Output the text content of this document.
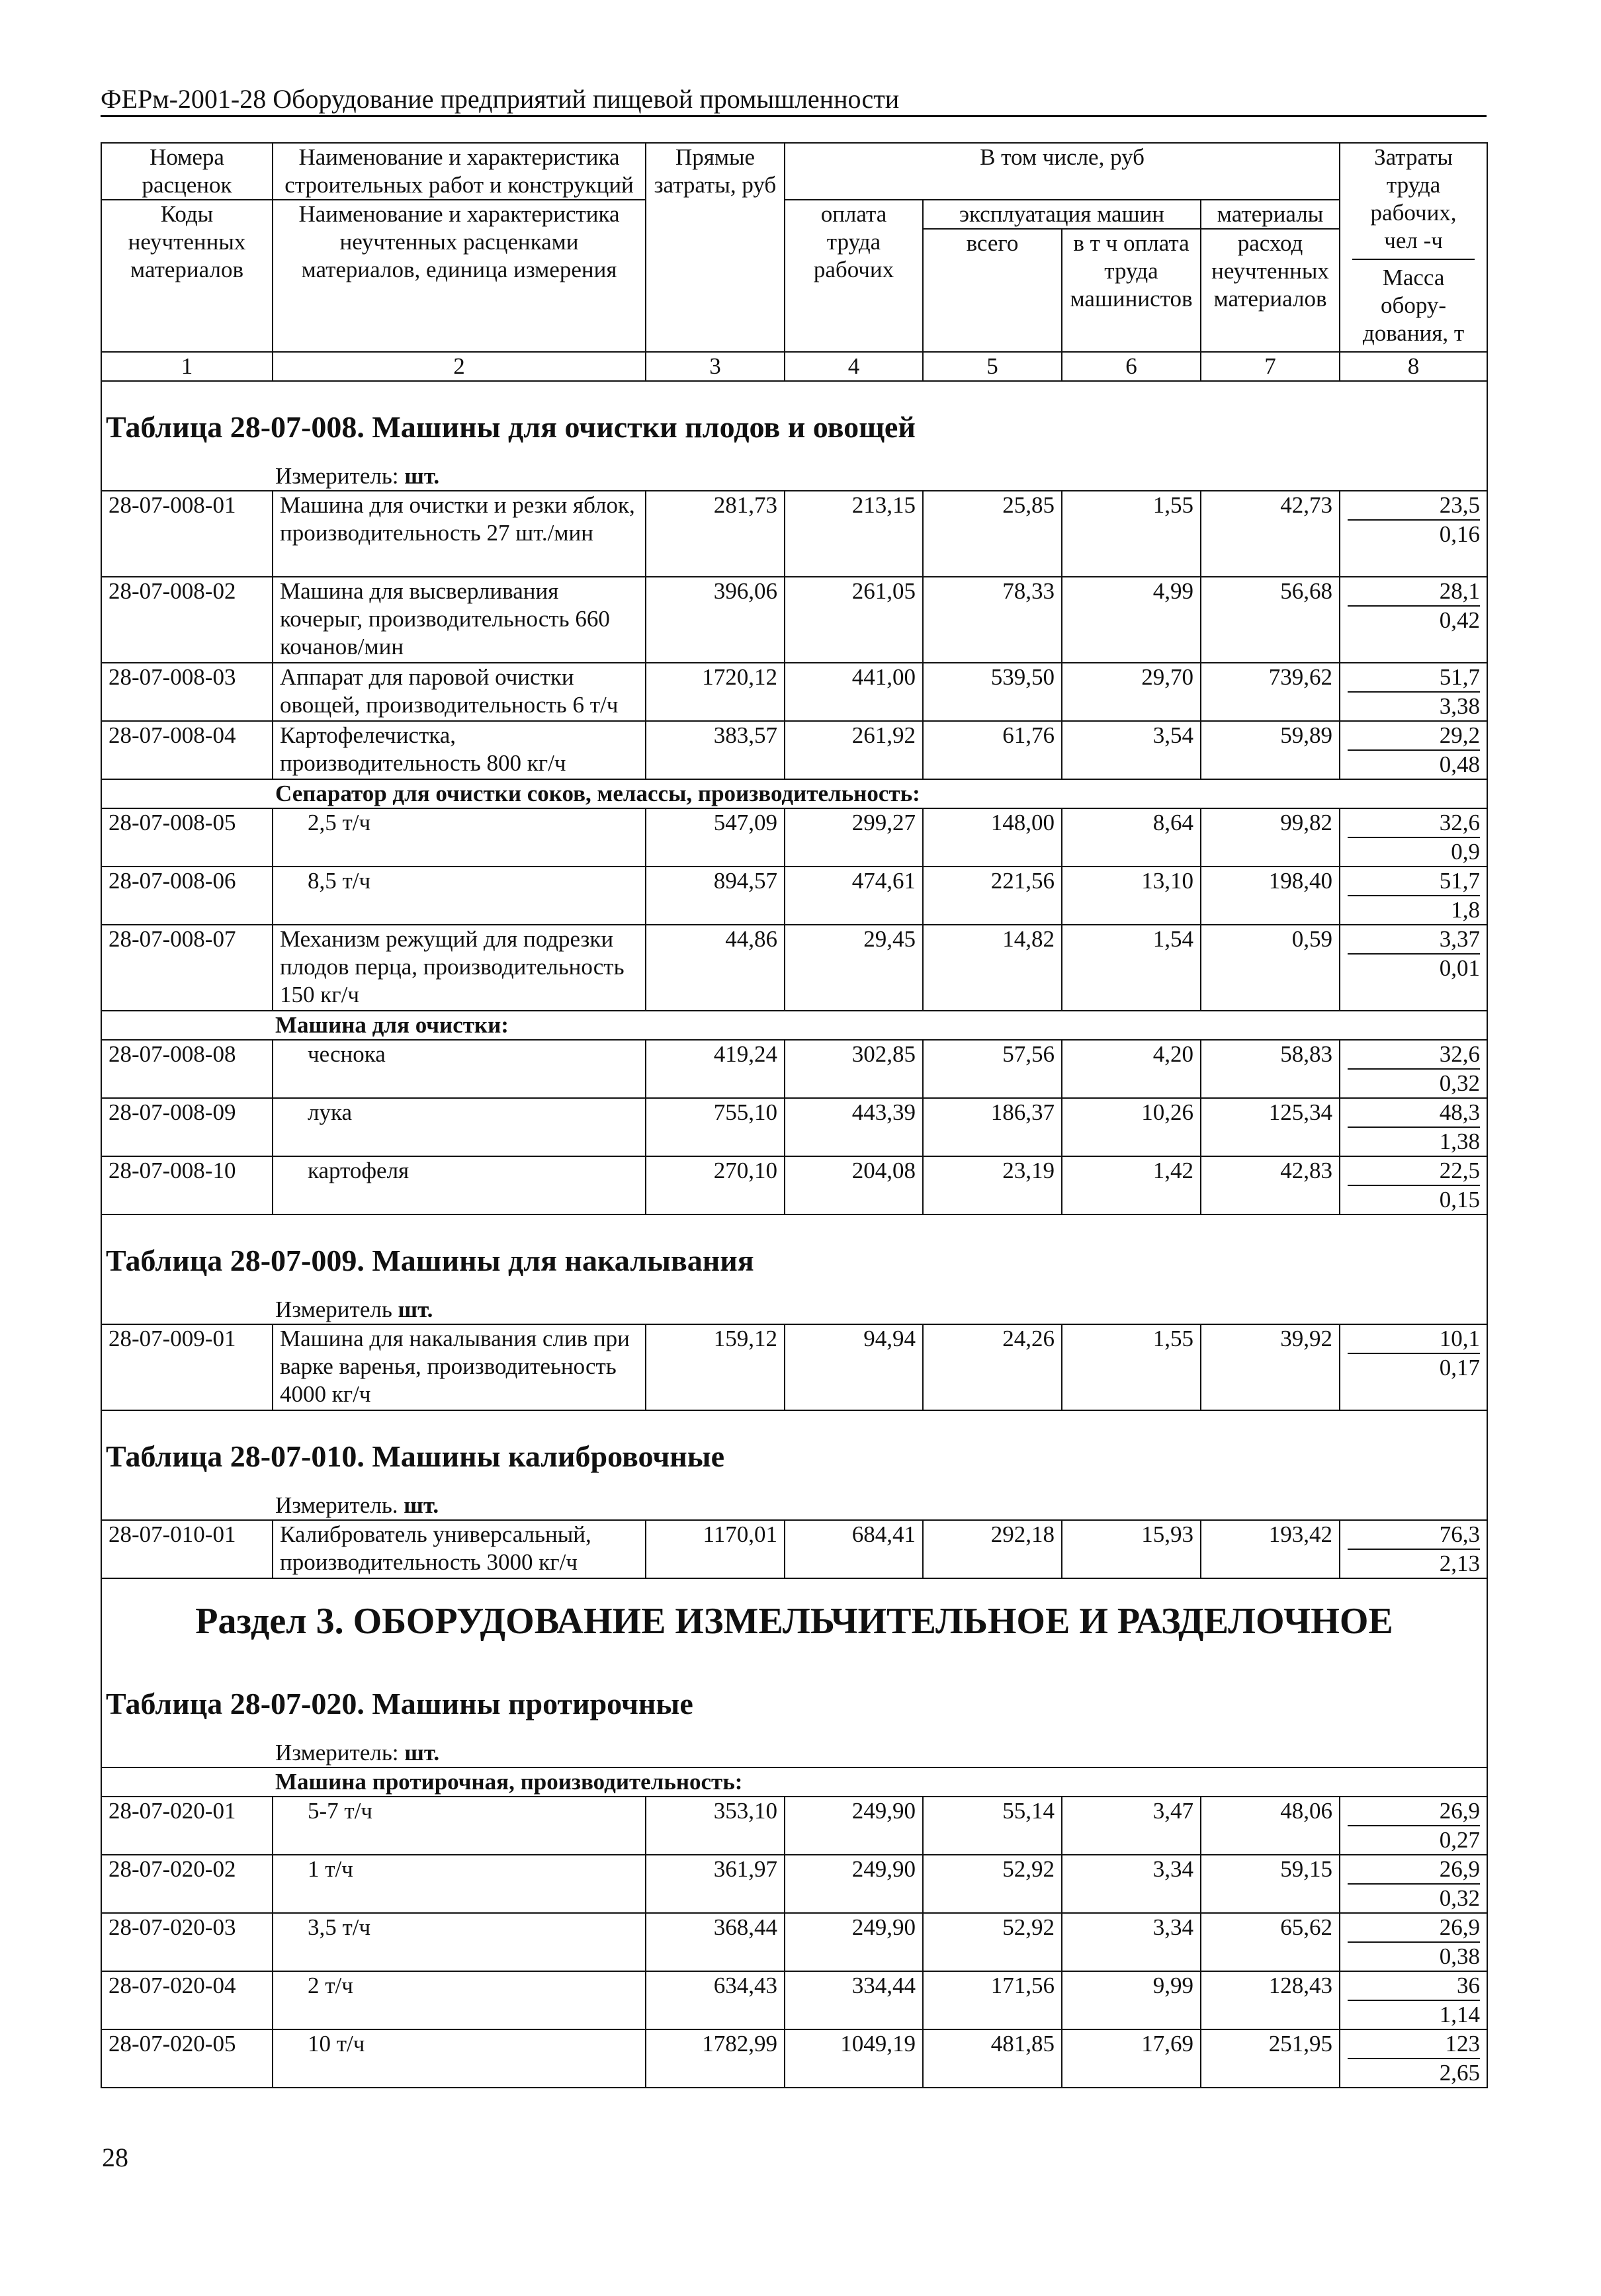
ФЕРм-2001-28 Оборудование предприятий пищевой промышленности
Номера расценок	Наименование и характеристика строительных работ и конструкций	Прямые затраты, руб	В том числе, руб				Затраты труда рабочих, чел -ч
Масса обору-дования, т

Коды неучтенных материалов	Наименование и характеристика неучтенных расценками материалов, единица измерения		оплата труда рабочих	эксплуатация машин		материалы	
				всего	в т ч оплата труда машинистов	расход неучтенных материалов	
1	2	3	4	5	6	7	8
Таблица 28-07-008. Машины для очистки плодов и овощей							
Измеритель: шт.							
28-07-008-01	Машина для очистки и резки яблок, производительность 27 шт./мин	281,73	213,15	25,85	1,55	42,73	23,5
0,16

28-07-008-02	Машина для высверливания кочерыг, производительность 660 кочанов/мин	396,06	261,05	78,33	4,99	56,68	28,1
0,42

28-07-008-03	Аппарат для паровой очистки овощей, производительность 6 т/ч	1720,12	441,00	539,50	29,70	739,62	51,7
3,38

28-07-008-04	Картофелечистка, производительность 800 кг/ч	383,57	261,92	61,76	3,54	59,89	29,2
0,48

Сепаратор для очистки соков, мелассы, производительность:							
28-07-008-05	2,5 т/ч	547,09	299,27	148,00	8,64	99,82	32,6
0,9

28-07-008-06	8,5 т/ч	894,57	474,61	221,56	13,10	198,40	51,7
1,8

28-07-008-07	Механизм режущий для подрезки плодов перца, производительность 150 кг/ч	44,86	29,45	14,82	1,54	0,59	3,37
0,01

Машина для очистки:							
28-07-008-08	чеснока	419,24	302,85	57,56	4,20	58,83	32,6
0,32

28-07-008-09	лука	755,10	443,39	186,37	10,26	125,34	48,3
1,38

28-07-008-10	картофеля	270,10	204,08	23,19	1,42	42,83	22,5
0,15

Таблица 28-07-009. Машины для накалывания							
Измеритель шт.							
28-07-009-01	Машина для накалывания слив при варке варенья, производитеьность 4000 кг/ч	159,12	94,94	24,26	1,55	39,92	10,1
0,17

Таблица 28-07-010. Машины калибровочные							
Измеритель. шт.							
28-07-010-01	Калиброватель универсальный, производительность 3000 кг/ч	1170,01	684,41	292,18	15,93	193,42	76,3
2,13

Раздел 3. ОБОРУДОВАНИЕ ИЗМЕЛЬЧИТЕЛЬНОЕ И РАЗДЕЛОЧНОЕ							
Таблица 28-07-020. Машины протирочные							
Измеритель: шт.							
Машина протирочная, производительность:							
28-07-020-01	5-7 т/ч	353,10	249,90	55,14	3,47	48,06	26,9
0,27

28-07-020-02	1 т/ч	361,97	249,90	52,92	3,34	59,15	26,9
0,32

28-07-020-03	3,5 т/ч	368,44	249,90	52,92	3,34	65,62	26,9
0,38

28-07-020-04	2 т/ч	634,43	334,44	171,56	9,99	128,43	36
1,14

28-07-020-05	10 т/ч	1782,99	1049,19	481,85	17,69	251,95	123
2,65
28
